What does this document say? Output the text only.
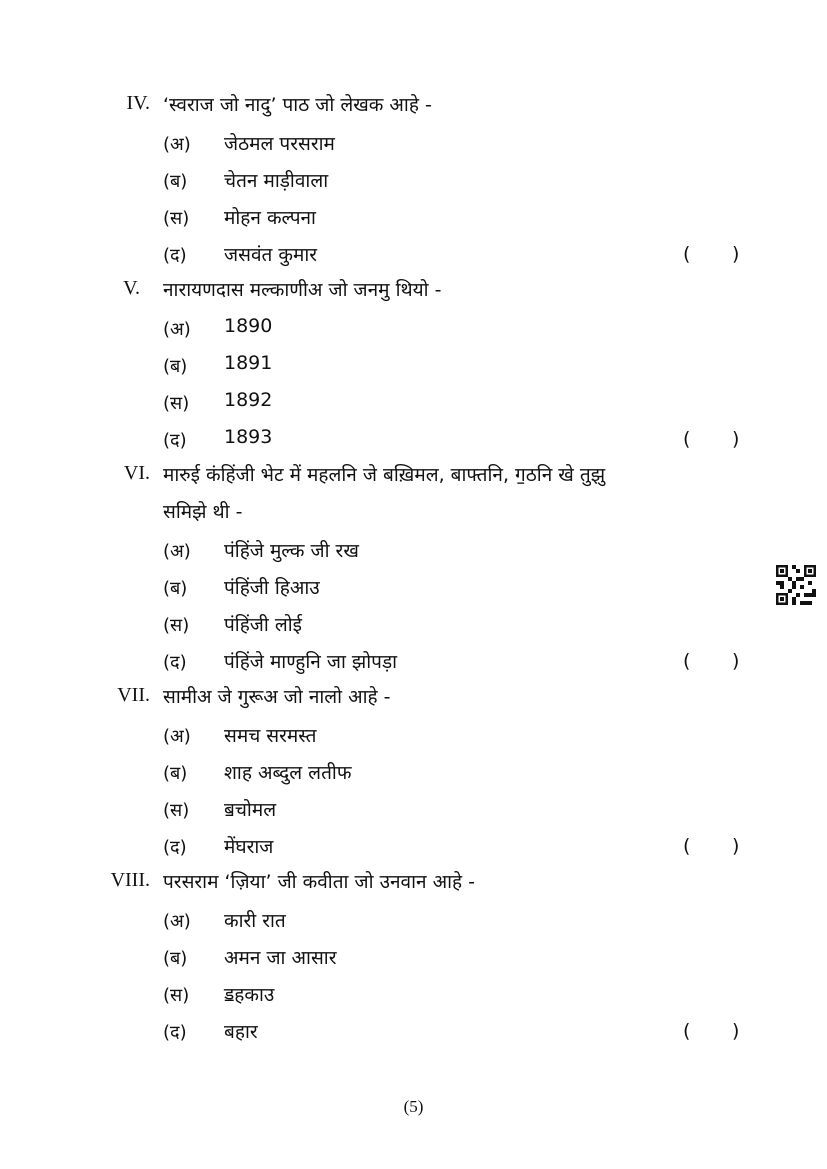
IV. ‘स्वराज जो नादु’ पाठ जो लेखक आहे -
(अ) जेठमल परसराम
(ब) चेतन माड़ीवाला
(स) मोहन कल्पना
(द) जसवंत कुमार	( )
V. नारायणदास मल्काणीअ जो जनमु थियो -
(अ) 1890
(ब) 1891
(स) 1892
(द) 1893	( )
VI. मारुई कंहिंजी भेट में महलनि जे बख़िमल, बाफ्तनि, ग॒ठनि खे तुझु
समिझे थी -
(अ) पंहिंजे मुल्क जी रख
(ब) पंहिंजी हिआउ
(स) पंहिंजी लोई
(द) पंहिंजे माण्हुनि जा झोपड़ा	( )
VII. सामीअ जे गुरूअ जो नालो आहे -
(अ) समच सरमस्त
(ब) शाह अब्दुल लतीफ
(स) ॿचोमल
(द) मेंघराज	( )
VIII. परसराम ‘ज़िया’ जी कवीता जो उनवान आहे -
(अ) कारी रात
(ब) अमन जा आसार
(स) ॾहकाउ
(द) बहार	( )
(5)
